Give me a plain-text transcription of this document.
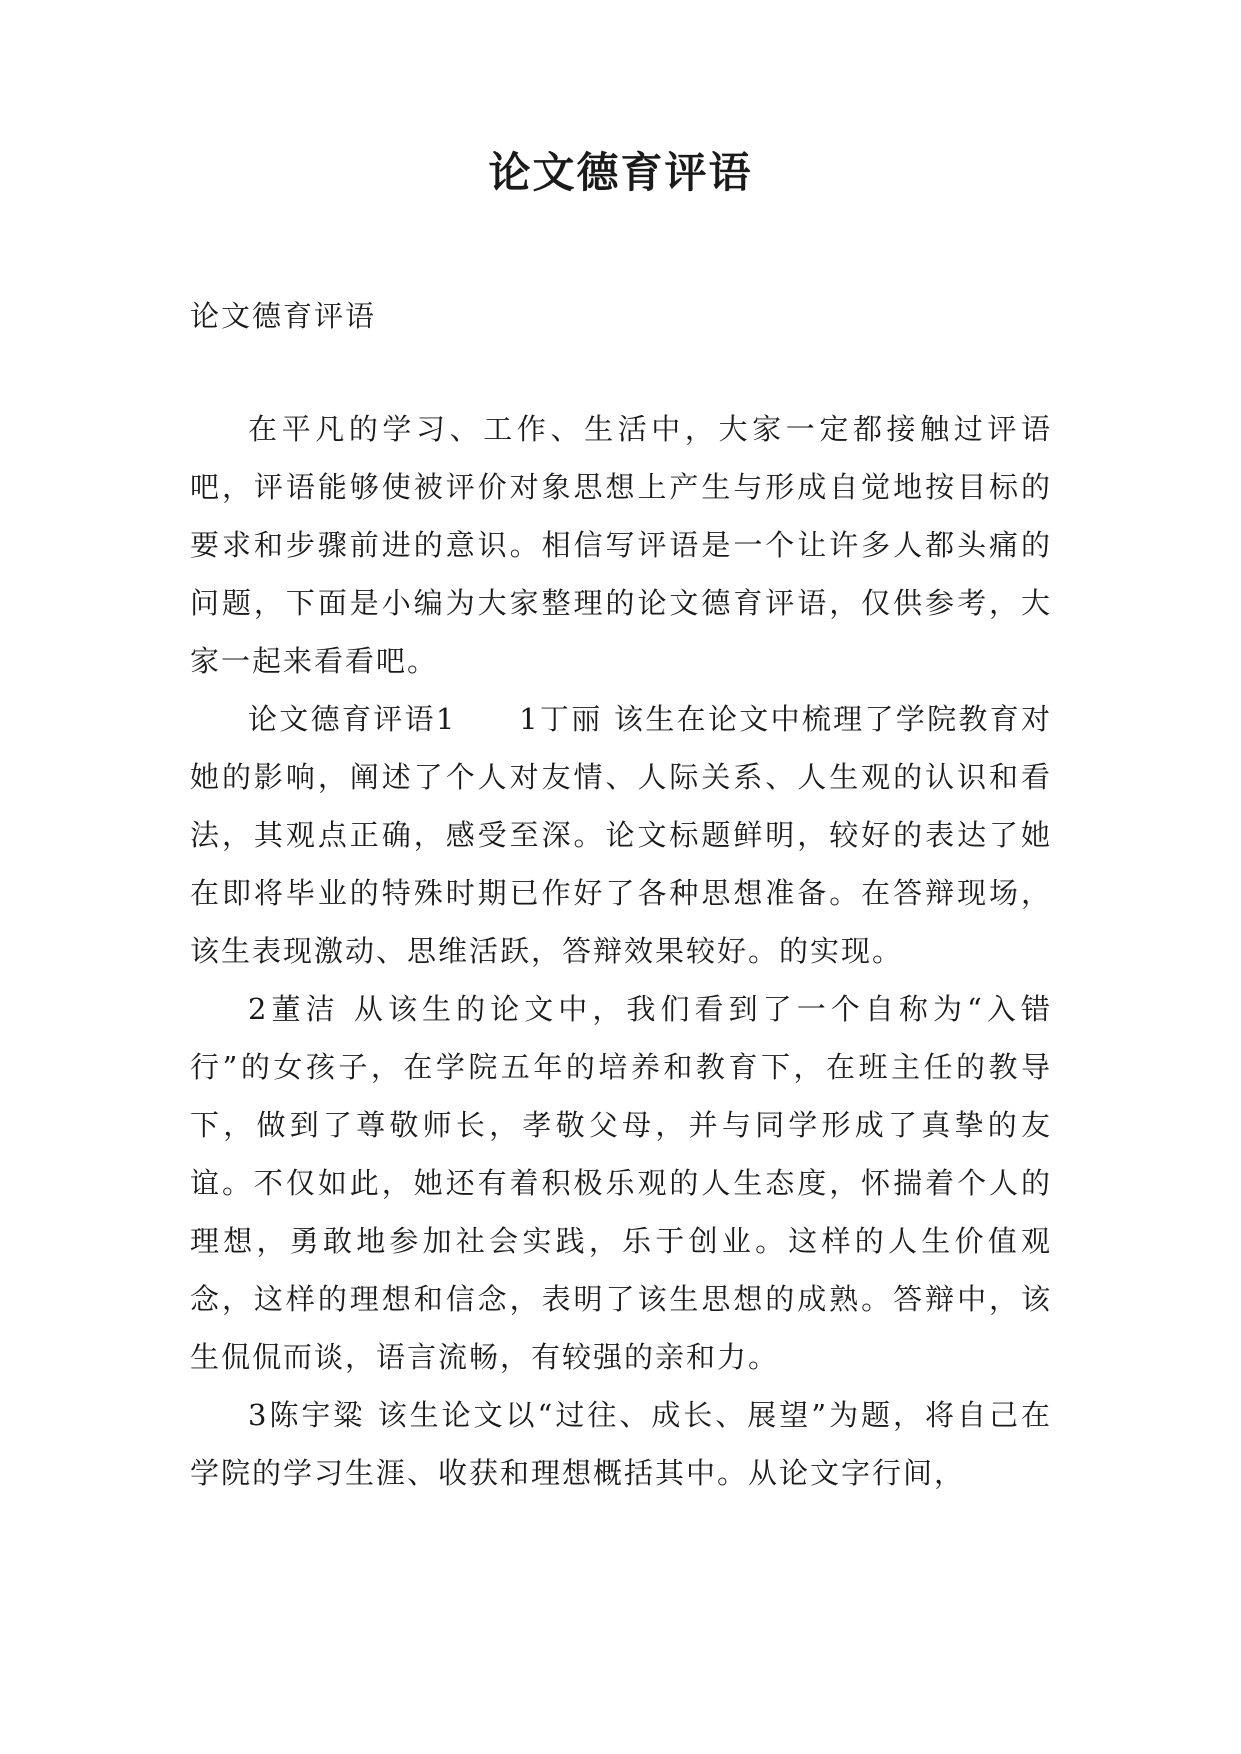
论文德育评语
论文德育评语

在平凡的学习、工作、生活中，大家一定都接触过评语吧，评语能够使被评价对象思想上产生与形成自觉地按目标的要求和步骤前进的意识。相信写评语是一个让许多人都头痛的问题，下面是小编为大家整理的论文德育评语，仅供参考，大家一起来看看吧。

论文德育评语1　　1丁丽 该生在论文中梳理了学院教育对她的影响，阐述了个人对友情、人际关系、人生观的认识和看法，其观点正确，感受至深。论文标题鲜明，较好的表达了她在即将毕业的特殊时期已作好了各种思想准备。在答辩现场，该生表现激动、思维活跃，答辩效果较好。的实现。

2董洁 从该生的论文中，我们看到了一个自称为“入错行”的女孩子，在学院五年的培养和教育下，在班主任的教导下，做到了尊敬师长，孝敬父母，并与同学形成了真挚的友谊。不仅如此，她还有着积极乐观的人生态度，怀揣着个人的理想，勇敢地参加社会实践，乐于创业。这样的人生价值观念，这样的理想和信念，表明了该生思想的成熟。答辩中，该生侃侃而谈，语言流畅，有较强的亲和力。

3陈宇粱 该生论文以“过往、成长、展望”为题，将自己在学院的学习生涯、收获和理想概括其中。从论文字行间，
